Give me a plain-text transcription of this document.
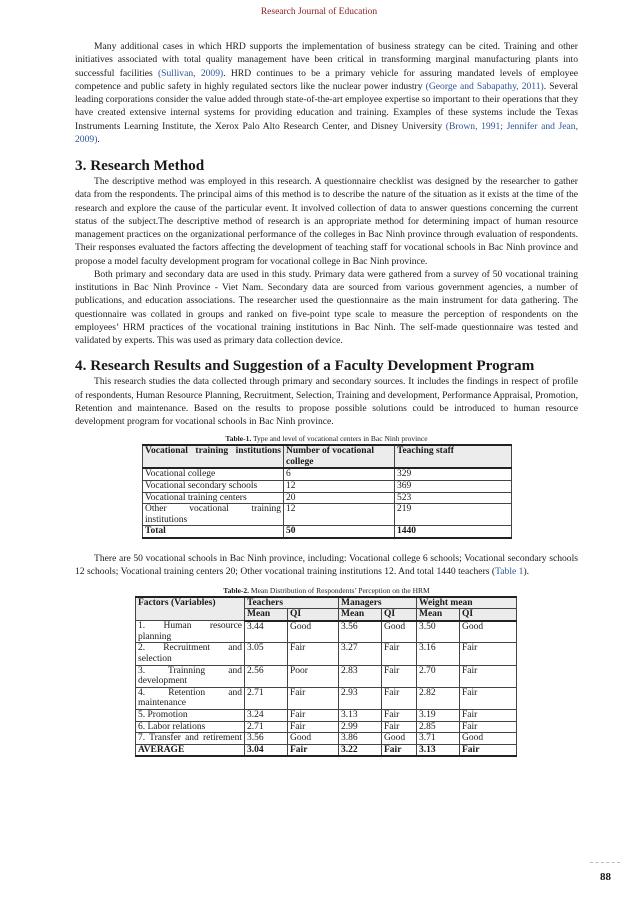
Research Journal of Education

Many additional cases in which HRD supports the implementation of business strategy can be cited. Training and other initiatives associated with total quality management have been critical in transforming marginal manufacturing plants into successful facilities (Sullivan, 2009). HRD continues to be a primary vehicle for assuring mandated levels of employee competence and public safety in highly regulated sectors like the nuclear power industry (George and Sabapathy, 2011). Several leading corporations consider the value added through state-of-the-art employee expertise so important to their operations that they have created extensive internal systems for providing education and training. Examples of these systems include the Texas Instruments Learning Institute, the Xerox Palo Alto Research Center, and Disney University (Brown, 1991; Jennifer and Jean, 2009).

3. Research Method

The descriptive method was employed in this research. A questionnaire checklist was designed by the researcher to gather data from the respondents. The principal aims of this method is to describe the nature of the situation as it exists at the time of the research and explore the cause of the particular event. It involved collection of data to answer questions concerning the current status of the subject.The descriptive method of research is an appropriate method for determining impact of human resource management practices on the organizational performance of the colleges in Bac Ninh province through evaluation of respondents. Their responses evaluated the factors affecting the development of teaching staff for vocational schools in Bac Ninh province and propose a model faculty development program for vocational college in Bac Ninh province.

Both primary and secondary data are used in this study. Primary data were gathered from a survey of 50 vocational training institutions in Bac Ninh Province - Viet Nam. Secondary data are sourced from various government agencies, a number of publications, and education associations. The researcher used the questionnaire as the main instrument for data gathering. The questionnaire was collated in groups and ranked on five-point type scale to measure the perception of respondents on the employees’ HRM practices of the vocational training institutions in Bac Ninh. The self-made questionnaire was tested and validated by experts. This was used as primary data collection device.

4. Research Results and Suggestion of a Faculty Development Program

This research studies the data collected through primary and secondary sources. It includes the findings in respect of profile of respondents, Human Resource Planning, Recruitment, Selection, Training and development, Performance Appraisal, Promotion, Retention and maintenance. Based on the results to propose possible solutions could be introduced to human resource development program for vocational schools in Bac Ninh province.

Table-1. Type and level of vocational centers in Bac Ninh province
Vocational training institutions	Number of vocational college	Teaching staff
Vocational college	6	329
Vocational secondary schools	12	369
Vocational training centers	20	523

Other vocational training institutions	12	219
Total	50	1440

There are 50 vocational schools in Bac Ninh province, including: Vocational college 6 schools; Vocational secondary schools 12 schools; Vocational training centers 20; Other vocational training institutions 12. And total 1440 teachers (Table 1).

Table-2. Mean Distribution of Respondents’ Perception on the HRM
Factors (Variables)	Teachers		Managers		Weight mean	
	Mean	QI	Mean	QI	Mean	QI

1. Human resource planning	3.44	Good	3.56	Good	3.50	Good

2. Recruitment and selection	3.05	Fair	3.27	Fair	3.16	Fair

3. Trainning and development	2.56	Poor	2.83	Fair	2.70	Fair

4. Retention and maintenance	2.71	Fair	2.93	Fair	2.82	Fair
5. Promotion	3.24	Fair	3.13	Fair	3.19	Fair
6. Labor relations	2.71	Fair	2.99	Fair	2.85	Fair

7. Transfer and retirement	3.56	Good	3.86	Good	3.71	Good
AVERAGE	3.04	Fair	3.22	Fair	3.13	Fair
88
